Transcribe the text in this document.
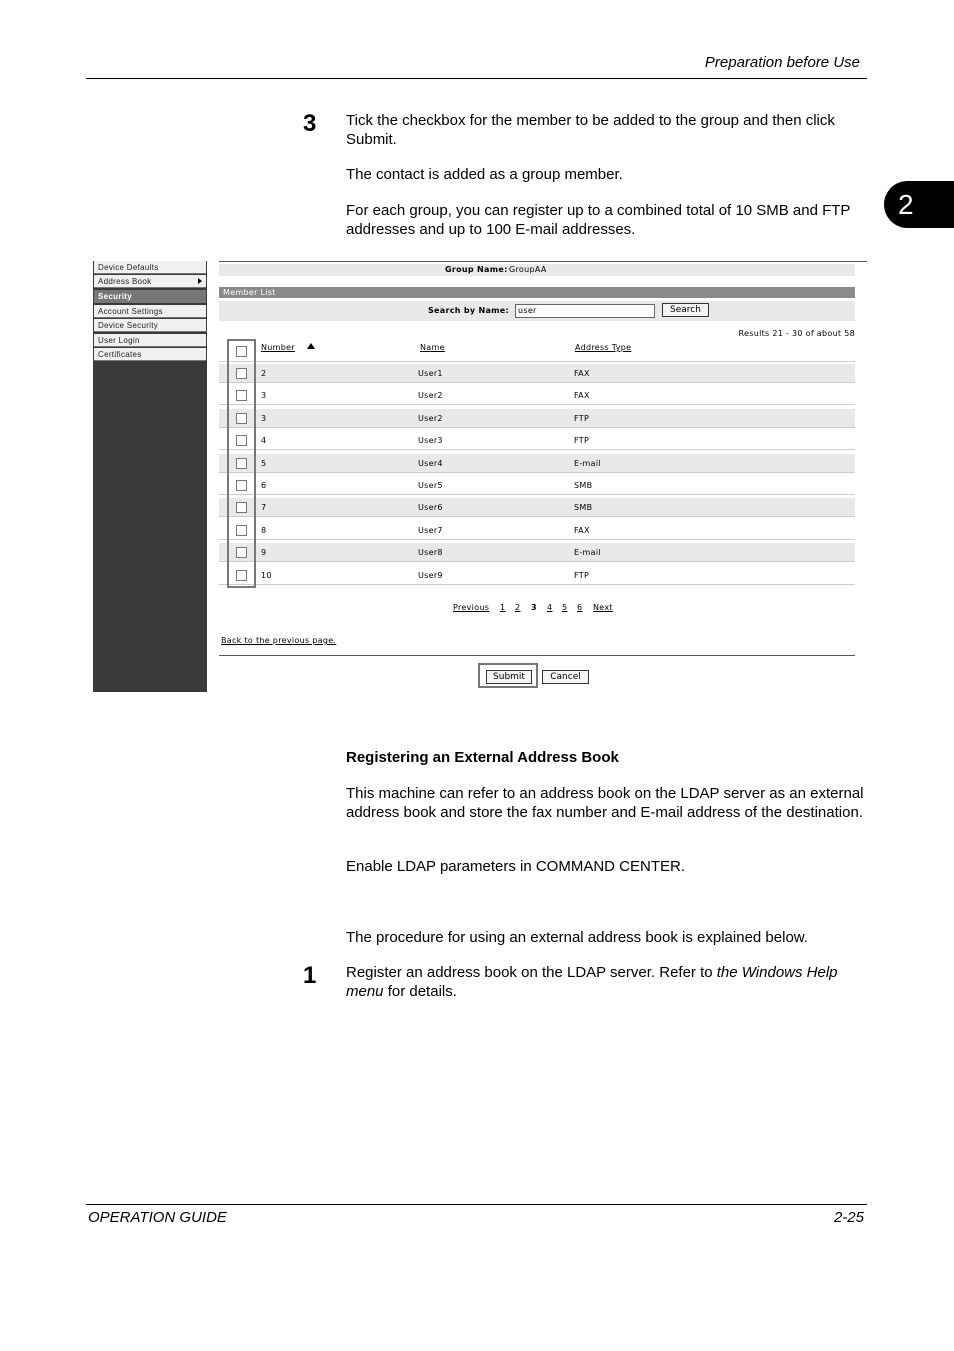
Preparation before Use
2
3 Tick the checkbox for the member to be added to the group and then click Submit.
The contact is added as a group member.
For each group, you can register up to a combined total of 10 SMB and FTP addresses and up to 100 E-mail addresses.
Device Defaults
Address Book
Security
Account Settings
Device Security
User Login
Certificates
Group Name: GroupAA
Member List
Search by Name: user	Search
Results 21 - 30 of about 58
Number	Name	Address Type
2	User1	FAX
3	User2	FAX
3	User2	FTP
4	User3	FTP
5	User4	E-mail
6	User5	SMB
7	User6	SMB
8	User7	FAX
9	User8	E-mail
10	User9	FTP
Previous 1 2 3 4 5 6 Next
Back to the previous page.
Submit	Cancel
Registering an External Address Book
This machine can refer to an address book on the LDAP server as an external address book and store the fax number and E-mail address of the destination.
Enable LDAP parameters in COMMAND CENTER.
The procedure for using an external address book is explained below.
1 Register an address book on the LDAP server. Refer to the Windows Help menu for details.
OPERATION GUIDE	2-25
